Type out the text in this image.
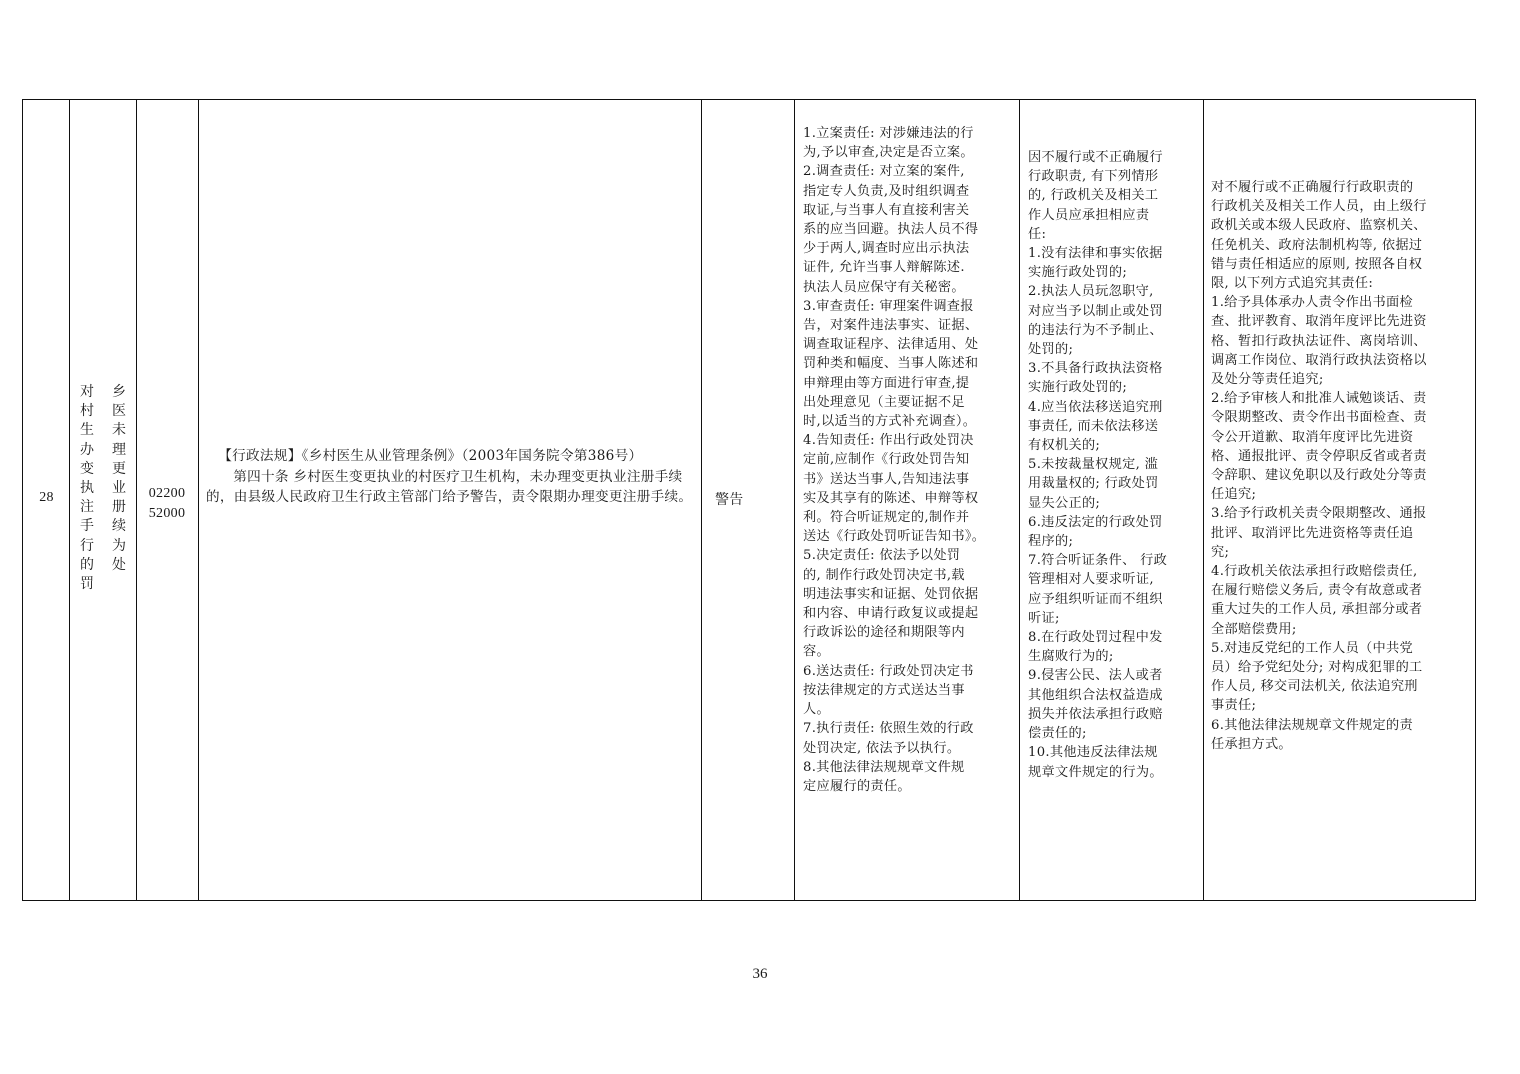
28
对
村
生
办
变
执
注
手
行
的
罚
乡
医
未
理
更
业
册
续
为
处
02200
52000

【行政法规】《乡村医生从业管理条例》（2003年国务院令第386号）

第四十条 乡村医生变更执业的村医疗卫生机构，未办理变更执业注册手续的，由县级人民政府卫生行政主管部门给予警告，责令限期办理变更注册手续。 警告
1.立案责任: 对涉嫌违法的行
为,予以审查,决定是否立案。
2.调查责任: 对立案的案件,
指定专人负责,及时组织调查
取证,与当事人有直接利害关
系的应当回避。执法人员不得
少于两人,调查时应出示执法
证件, 允许当事人辩解陈述.
执法人员应保守有关秘密。
3.审查责任: 审理案件调查报
告，对案件违法事实、证据、
调查取证程序、法律适用、处
罚种类和幅度、当事人陈述和
申辩理由等方面进行审查,提
出处理意见（主要证据不足
时,以适当的方式补充调查）。
4.告知责任: 作出行政处罚决
定前,应制作《行政处罚告知
书》送达当事人,告知违法事
实及其享有的陈述、申辩等权
利。符合听证规定的,制作并
送达《行政处罚听证告知书》。
5.决定责任: 依法予以处罚
的, 制作行政处罚决定书,载
明违法事实和证据、处罚依据
和内容、申请行政复议或提起
行政诉讼的途径和期限等内
容。
6.送达责任: 行政处罚决定书
按法律规定的方式送达当事
人。
7.执行责任: 依照生效的行政
处罚决定, 依法予以执行。
8.其他法律法规规章文件规
定应履行的责任。
因不履行或不正确履行
行政职责, 有下列情形
的, 行政机关及相关工
作人员应承担相应责
任:
1.没有法律和事实依据
实施行政处罚的;
2.执法人员玩忽职守,
对应当予以制止或处罚
的违法行为不予制止、
处罚的;
3.不具备行政执法资格
实施行政处罚的;
4.应当依法移送追究刑
事责任, 而未依法移送
有权机关的;
5.未按裁量权规定, 滥
用裁量权的; 行政处罚
显失公正的;
6.违反法定的行政处罚
程序的;
7.符合听证条件、 行政
管理相对人要求听证,
应予组织听证而不组织
听证;
8.在行政处罚过程中发
生腐败行为的;
9.侵害公民、法人或者
其他组织合法权益造成
损失并依法承担行政赔
偿责任的;
10.其他违反法律法规
规章文件规定的行为。
对不履行或不正确履行行政职责的
行政机关及相关工作人员，由上级行
政机关或本级人民政府、监察机关、
任免机关、政府法制机构等, 依据过
错与责任相适应的原则, 按照各自权
限, 以下列方式追究其责任:
1.给予具体承办人责令作出书面检
查、批评教育、取消年度评比先进资
格、暂扣行政执法证件、离岗培训、
调离工作岗位、取消行政执法资格以
及处分等责任追究;
2.给予审核人和批准人诫勉谈话、责
令限期整改、责令作出书面检查、责
令公开道歉、取消年度评比先进资
格、通报批评、责令停职反省或者责
令辞职、建议免职以及行政处分等责
任追究;
3.给予行政机关责令限期整改、通报
批评、取消评比先进资格等责任追
究;
4.行政机关依法承担行政赔偿责任,
在履行赔偿义务后, 责令有故意或者
重大过失的工作人员, 承担部分或者
全部赔偿费用;
5.对违反党纪的工作人员（中共党
员）给予党纪处分; 对构成犯罪的工
作人员, 移交司法机关, 依法追究刑
事责任;
6.其他法律法规规章文件规定的责
任承担方式。
36
